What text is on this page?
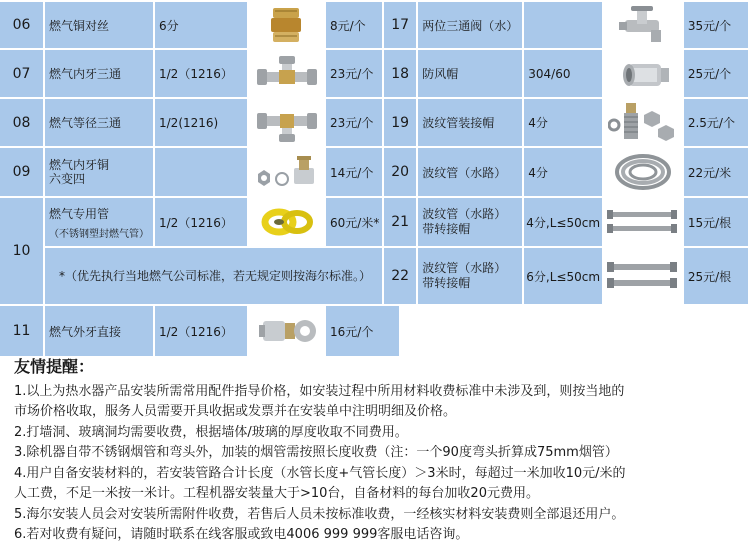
06	燃气铜对丝	6分		8元/个
07	燃气内牙三通	1/2（1216）		23元/个
08	燃气等径三通	1/2(1216)		23元/个
09	燃气内牙铜
六变四			14元/个
10	燃气专用管
（不锈钢塑封燃气管）	1/2（1216）		60元/米*
	*（优先执行当地燃气公司标准，若无规定则按海尔标准。）			
11	燃气外牙直接	1/2（1216）		16元/个
17	两位三通阀（水）			35元/个
18	防风帽	304/60		25元/个
19	波纹管装接帽	4分		2.5元/个
20	波纹管（水路）	4分		22元/米
21	波纹管（水路）
带转接帽	4分,L≤50cm		15元/根
22	波纹管（水路）
带转接帽	6分,L≤50cm		25元/根
友情提醒：

1.以上为热水器产品安装所需常用配件指导价格，如安装过程中所用材料收费标准中未涉及到，则按当地的

市场价格收取，服务人员需要开具收据或发票并在安装单中注明明细及价格。

2.打墙洞、玻璃洞均需要收费，根据墙体/玻璃的厚度收取不同费用。

3.除机器自带不锈钢烟管和弯头外，加装的烟管需按照长度收费（注：一个90度弯头折算成75mm烟管）

4.用户自备安装材料的，若安装管路合计长度（水管长度+气管长度）＞3米时，每超过一米加收10元/米的

人工费，不足一米按一米计。工程机器安装量大于>10台，自备材料的每台加收20元费用。

5.海尔安装人员会对安装所需附件收费，若售后人员未按标准收费，一经核实材料安装费则全部退还用户。

6.若对收费有疑问，请随时联系在线客服或致电4006 999 999客服电话咨询。
